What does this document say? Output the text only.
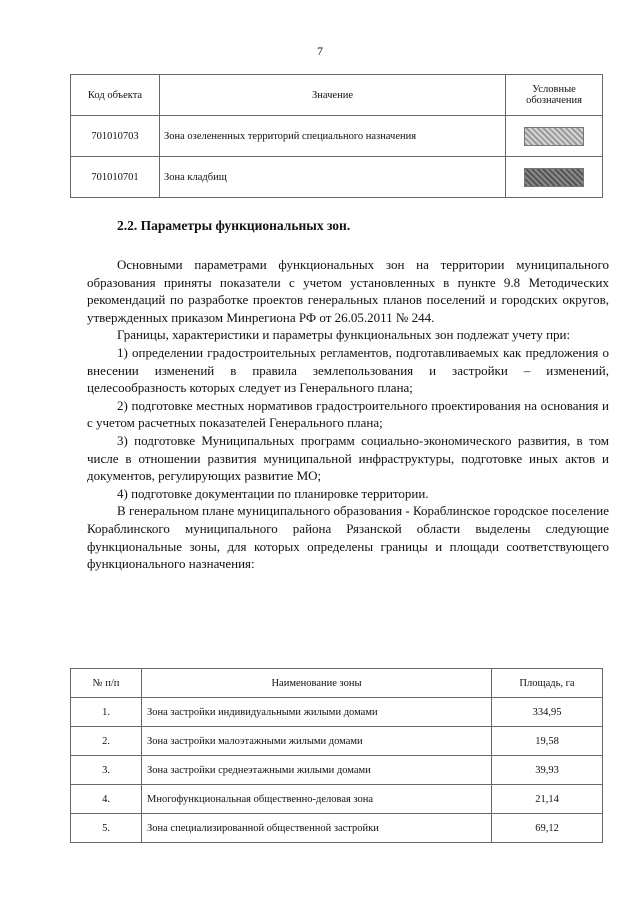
7
Код объекта	Значение	Условные обозначения
701010703	Зона озелененных территорий специального назначения	
701010701	Зона кладбищ	
2.2. Параметры функциональных зон.

Основными параметрами функциональных зон на территории муниципального образования приняты показатели с учетом установленных в пункте 9.8 Методических рекомендаций по разработке проектов генеральных планов поселений и городских округов, утвержденных приказом Минрегиона РФ от 26.05.2011 № 244.

Границы, характеристики и параметры функциональных зон подлежат учету при:

1) определении градостроительных регламентов, подготавливаемых как предложения о внесении изменений в правила землепользования и застройки – изменений, целесообразность которых следует из Генерального плана;

2) подготовке местных нормативов градостроительного проектирования на основания и с учетом расчетных показателей Генерального плана;

3) подготовке Муниципальных программ социально-экономического развития, в том числе в отношении развития муниципальной инфраструктуры, подготовке иных актов и документов, регулирующих развитие МО;

4) подготовке документации по планировке территории.

В генеральном плане муниципального образования - Кораблинское городское поселение Кораблинского муниципального района Рязанской области выделены следующие функциональные зоны, для которых определены границы и площади соответствующего функционального назначения:

№ п/п	Наименование зоны	Площадь, га
1.	Зона застройки индивидуальными жилыми домами	334,95
2.	Зона застройки малоэтажными жилыми домами	19,58
3.	Зона застройки среднеэтажными жилыми домами	39,93
4.	Многофункциональная общественно-деловая зона	21,14
5.	Зона специализированной общественной застройки	69,12
